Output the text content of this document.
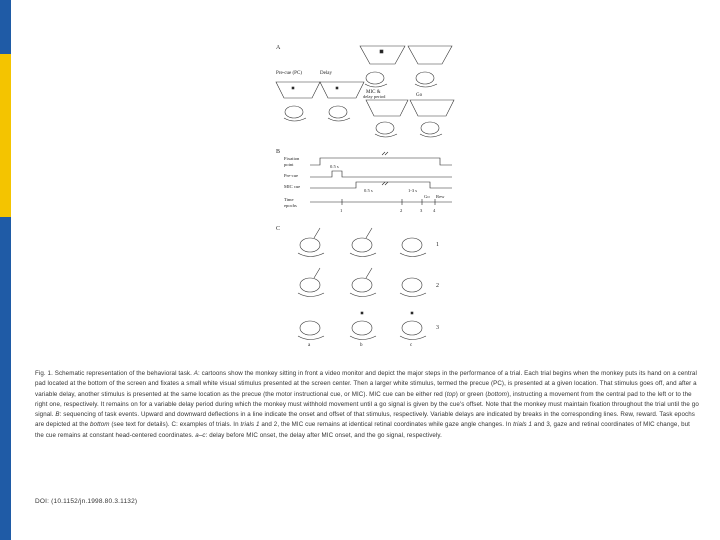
A
Pre-cue (PC)	Delay
MIC &
delay period	Go
B
Fixation
point
Pre-cue
MIC cue
Time
epochs
0.5 s
0.5 s	1-3 s
1	2	3 4
Go Rew
C
1
2
3
a	b	c

Fig. 1. Schematic representation of the behavioral task. A: cartoons show the monkey sitting in front a video monitor and depict the major steps in the performance of a trial. Each trial begins when the monkey puts its hand on a central pad located at the bottom of the screen and fixates a small white visual stimulus presented at the screen center. Then a larger white stimulus, termed the precue (PC), is presented at a given location. That stimulus goes off, and after a variable delay, another stimulus is presented at the same location as the precue (the motor instructional cue, or MIC). MIC cue can be either red (top) or green (bottom), instructing a movement from the central pad to the left or to the right one, respectively. It remains on for a variable delay period during which the monkey must withhold movement until a go signal is given by the cue's offset. Note that the monkey must maintain fixation throughout the trial until the go signal. B: sequencing of task events. Upward and downward deflections in a line indicate the onset and offset of that stimulus, respectively. Variable delays are indicated by breaks in the corresponding lines. Rew, reward. Task epochs are depicted at the bottom (see text for details). C: examples of trials. In trials 1 and 2, the MIC cue remains at identical retinal coordinates while gaze angle changes. In trials 1 and 3, gaze and retinal coordinates of MIC change, but the cue remains at constant head-centered coordinates. a–c: delay before MIC onset, the delay after MIC onset, and the go signal, respectively.

DOI: (10.1152/jn.1998.80.3.1132)
